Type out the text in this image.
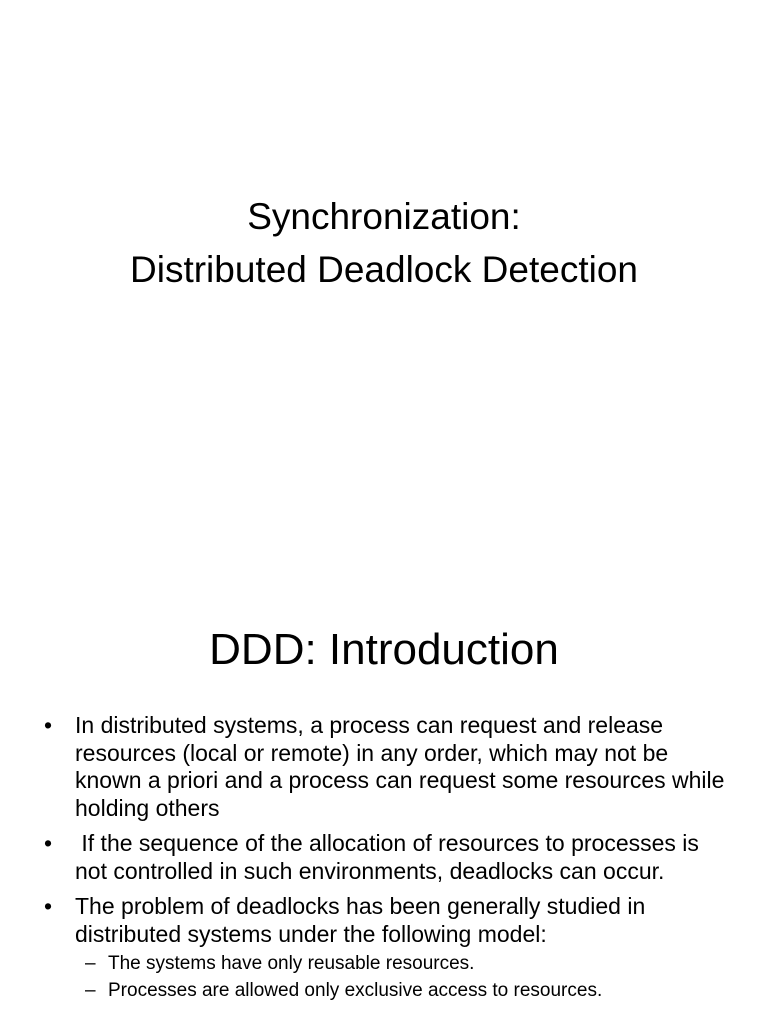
Synchronization:
Distributed Deadlock Detection
DDD: Introduction
• In distributed systems, a process can request and release resources (local or remote) in any order, which may not be known a priori and a process can request some resources while holding others
• If the sequence of the allocation of resources to processes is not controlled in such environments, deadlocks can occur.
• The problem of deadlocks has been generally studied in distributed systems under the following model:
– The systems have only reusable resources.
– Processes are allowed only exclusive access to resources.
